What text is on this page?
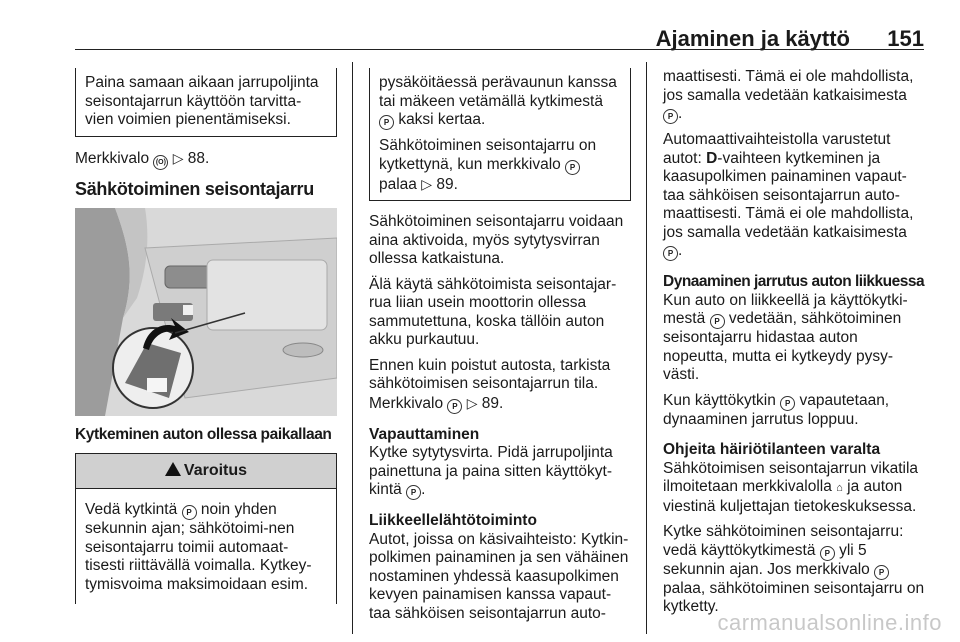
Ajaminen ja käyttö 151
Paina samaan aikaan jarrupoljinta seisontajarrun käyttöön tarvitta-vien voimien pienentämiseksi.

Merkkivalo (O) ▷ 88.

Sähkötoiminen seisontajarru
Kytkeminen auton ollessa paikallaan
Varoitus
Vedä kytkintä P noin yhden sekunnin ajan; sähkötoimi-nen seisontajarru toimii automaat-tisesti riittävällä voimalla. Kytkey-tymisvoima maksimoidaan esim.

pysäköitäessä perävaunun kanssa tai mäkeen vetämällä kytkimestä P kaksi kertaa.

Sähkötoiminen seisontajarru on kytkettynä, kun merkkivalo P palaa ▷ 89.

Sähkötoiminen seisontajarru voidaan aina aktivoida, myös sytytysvirran ollessa katkaistuna.

Älä käytä sähkötoimista seisontajar-rua liian usein moottorin ollessa sammutettuna, koska tällöin auton akku purkautuu.

Ennen kuin poistut autosta, tarkista sähkötoimisen seisontajarrun tila. Merkkivalo P ▷ 89.

Vapauttaminen

Kytke sytytysvirta. Pidä jarrupoljinta painettuna ja paina sitten käyttökyt-kintä P .

Liikkeellelähtötoiminto

Autot, joissa on käsivaihteisto: Kytkin-polkimen painaminen ja sen vähäinen nostaminen yhdessä kaasupolkimen kevyen painamisen kanssa vapaut-taa sähköisen seisontajarrun auto-

maattisesti. Tämä ei ole mahdollista, jos samalla vedetään katkaisimesta P .

Automaattivaihteistolla varustetut autot: D-vaihteen kytkeminen ja kaasupolkimen painaminen vapaut-taa sähköisen seisontajarrun auto-maattisesti. Tämä ei ole mahdollista, jos samalla vedetään katkaisimesta P .

Dynaaminen jarrutus auton liikkuessa

Kun auto on liikkeellä ja käyttökytki-mestä P vedetään, sähkötoiminen seisontajarru hidastaa auton nopeutta, mutta ei kytkeydy pysy-västi.

Kun käyttökytkin P vapautetaan, dynaaminen jarrutus loppuu.

Ohjeita häiriötilanteen varalta

Sähkötoimisen seisontajarrun vikatila ilmoitetaan merkkivalolla ⌂ ja auton viestinä kuljettajan tietokeskuksessa.

Kytke sähkötoiminen seisontajarru: vedä käyttökytkimestä P yli 5 sekunnin ajan. Jos merkkivalo P palaa, sähkötoiminen seisontajarru on kytketty.

carmanualsonline.info
